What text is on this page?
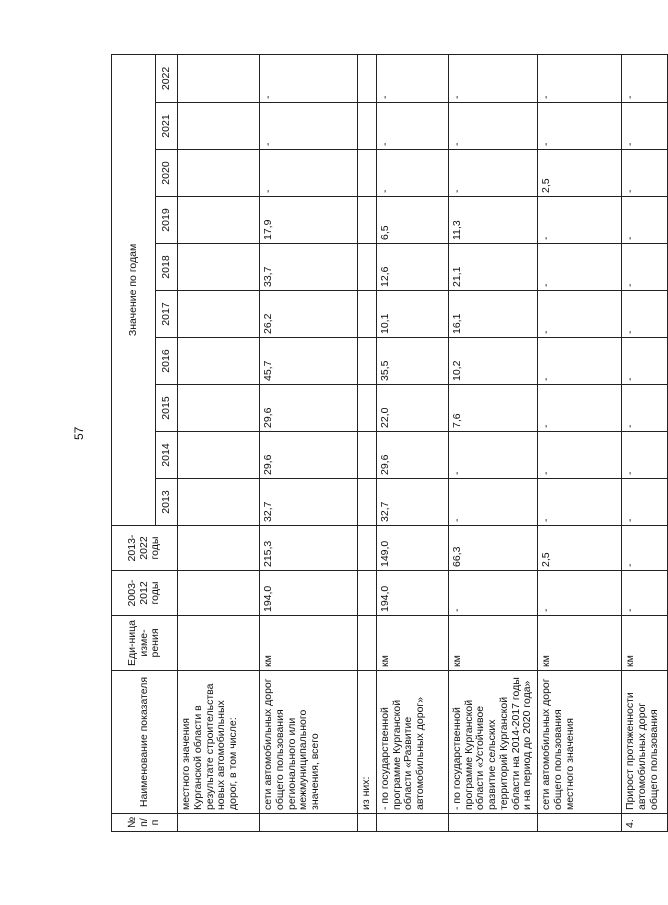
57
№ п/п	Наименование показателя	Еди-ница изме-рения	2003-2012 годы	2013-2022 годы	Значение по годам									
					2013	2014	2015	2016	2017	2018	2019	2020	2021	2022
	местного значения Курганской области в результате строительства новых автомобильных дорог, в том числе:													
	сети автомобильных дорог общего пользования регионального или межмуниципального значения, всего	км	194,0	215,3	32,7	29,6	29,6	45,7	26,2	33,7	17,9	-	-	-
	из них:													
	- по государственной программе Курганской области «Развитие автомобильных дорог»	км	194,0	149,0	32,7	29,6	22,0	35,5	10,1	12,6	6,5	-	-	-
	- по государственной программе Курганской области «Устойчивое развитие сельских территорий Курганской области на 2014-2017 годы и на период до 2020 года»	км	-	66,3	-	-	7,6	10,2	16,1	21,1	11,3	-	-	-
	сети автомобильных дорог общего пользования местного значения	км	-	2,5	-	-	-	-	-	-	-	2,5	-	-
4.	Прирост протяженности автомобильных дорог общего пользования	км	-	-	-	-	-	-	-	-	-	-	-	-
